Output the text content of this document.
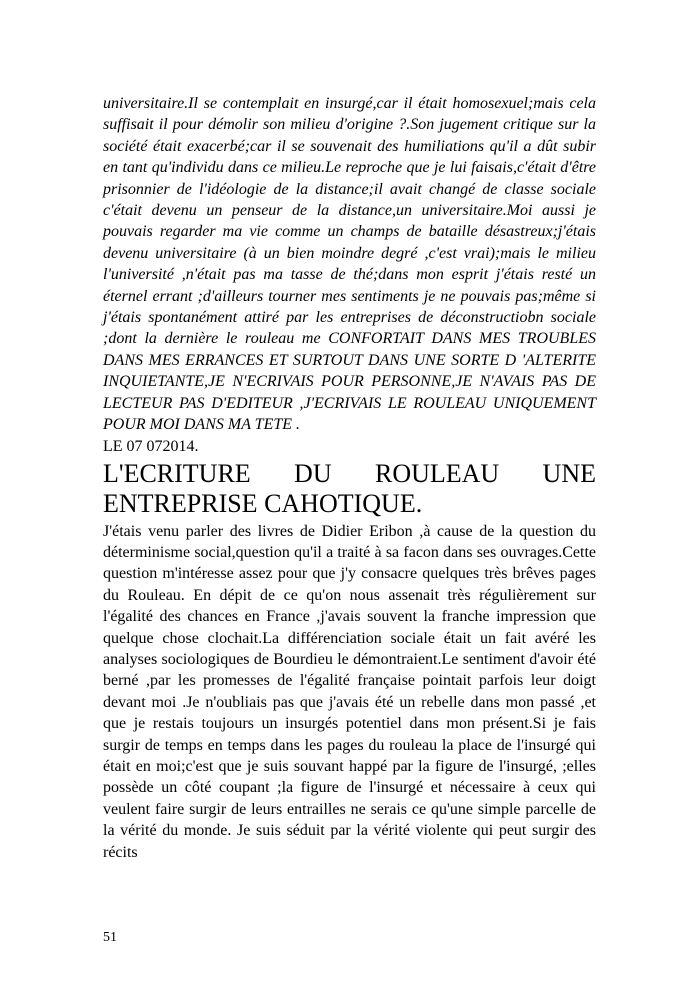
universitaire.Il se contemplait en insurgé,car il était homosexuel;mais cela suffisait il pour démolir son milieu d'origine ?.Son jugement critique sur la société était exacerbé;car il se souvenait des humiliations qu'il a dût subir en tant qu'individu dans ce milieu.Le reproche que je lui faisais,c'était d'être prisonnier de l'idéologie de la distance;il avait changé de classe sociale c'était devenu un penseur de la distance,un universitaire.Moi aussi je pouvais regarder ma vie comme un champs de bataille désastreux;j'étais devenu universitaire (à un bien moindre degré ,c'est vrai);mais le milieu l'université ,n'était pas ma tasse de thé;dans mon esprit j'étais resté un éternel errant ;d'ailleurs tourner mes sentiments je ne pouvais pas;même si j'étais spontanément attiré par les entreprises de déconstructiobn sociale ;dont la dernière le rouleau me CONFORTAIT DANS MES TROUBLES DANS MES ERRANCES ET SURTOUT DANS UNE SORTE D 'ALTERITE INQUIETANTE,JE N'ECRIVAIS POUR PERSONNE,JE N'AVAIS PAS DE LECTEUR PAS D'EDITEUR ,J'ECRIVAIS LE ROULEAU UNIQUEMENT POUR MOI DANS MA TETE .

LE 07 072014.

L'ECRITURE DU ROULEAU UNE
ENTREPRISE CAHOTIQUE.

J'étais venu parler des livres de Didier Eribon ,à cause de la question du déterminisme social,question qu'il a traité à sa facon dans ses ouvrages.Cette question m'intéresse assez pour que j'y consacre quelques très brêves pages du Rouleau. En dépit de ce qu'on nous assenait très régulièrement sur l'égalité des chances en France ,j'avais souvent la franche impression que quelque chose clochait.La différenciation sociale était un fait avéré les analyses sociologiques de Bourdieu le démontraient.Le sentiment d'avoir été berné ,par les promesses de l'égalité française pointait parfois leur doigt devant moi .Je n'oubliais pas que j'avais été un rebelle dans mon passé ,et que je restais toujours un insurgés potentiel dans mon présent.Si je fais surgir de temps en temps dans les pages du rouleau la place de l'insurgé qui était en moi;c'est que je suis souvant happé par la figure de l'insurgé, ;elles possède un côté coupant ;la figure de l'insurgé et nécessaire à ceux qui veulent faire surgir de leurs entrailles ne serais ce qu'une simple parcelle de la vérité du monde. Je suis séduit par la vérité violente qui peut surgir des récits

51
